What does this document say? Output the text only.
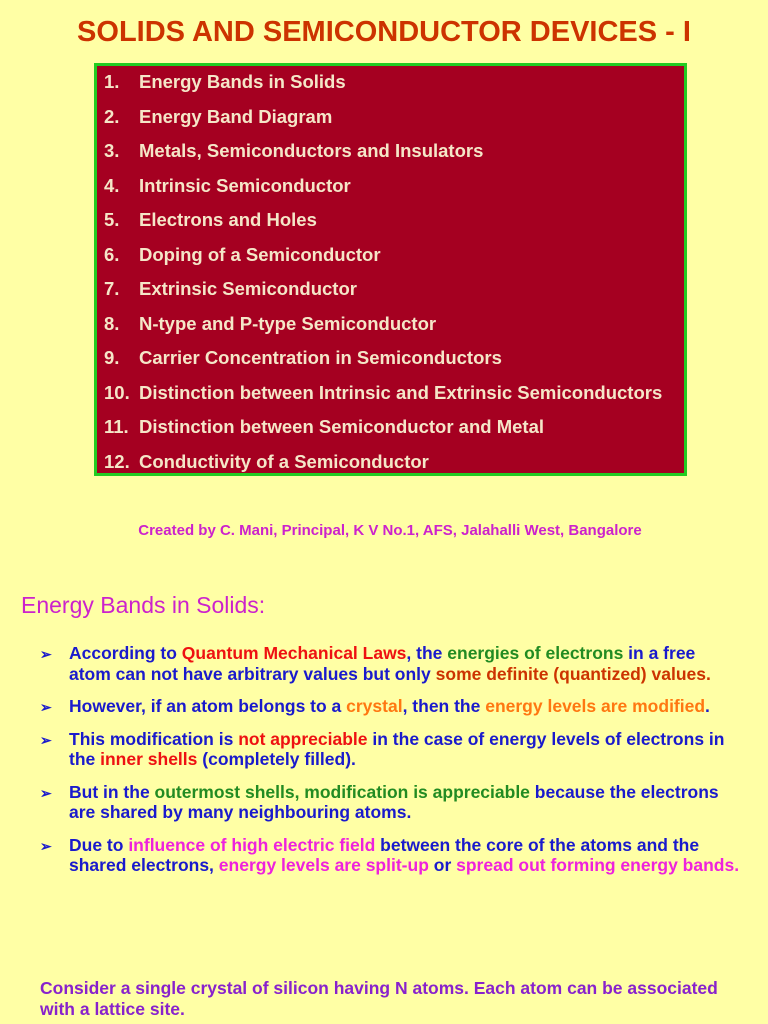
SOLIDS AND SEMICONDUCTOR DEVICES - I
1.	Energy Bands in Solids
2.	Energy Band Diagram
3.	Metals, Semiconductors and Insulators
4.	Intrinsic Semiconductor
5.	Electrons and Holes
6.	Doping of a Semiconductor
7.	Extrinsic Semiconductor
8.	N-type and P-type Semiconductor
9.	Carrier Concentration in Semiconductors
10. Distinction between Intrinsic and Extrinsic Semiconductors
11. Distinction between Semiconductor and Metal
12. Conductivity of a Semiconductor
Created by C. Mani, Principal, K V No.1, AFS, Jalahalli West, Bangalore
Energy Bands in Solids:
➢ According to Quantum Mechanical Laws, the energies of electrons in a free atom can not have arbitrary values but only some definite (quantized) values.
➢ However, if an atom belongs to a crystal, then the energy levels are modified.
➢ This modification is not appreciable in the case of energy levels of electrons in the inner shells (completely filled).
➢ But in the outermost shells, modification is appreciable because the electrons are shared by many neighbouring atoms.
➢ Due to influence of high electric field between the core of the atoms and the shared electrons, energy levels are split-up or spread out forming energy bands.
Consider a single crystal of silicon having N atoms. Each atom can be associated with a lattice site.
